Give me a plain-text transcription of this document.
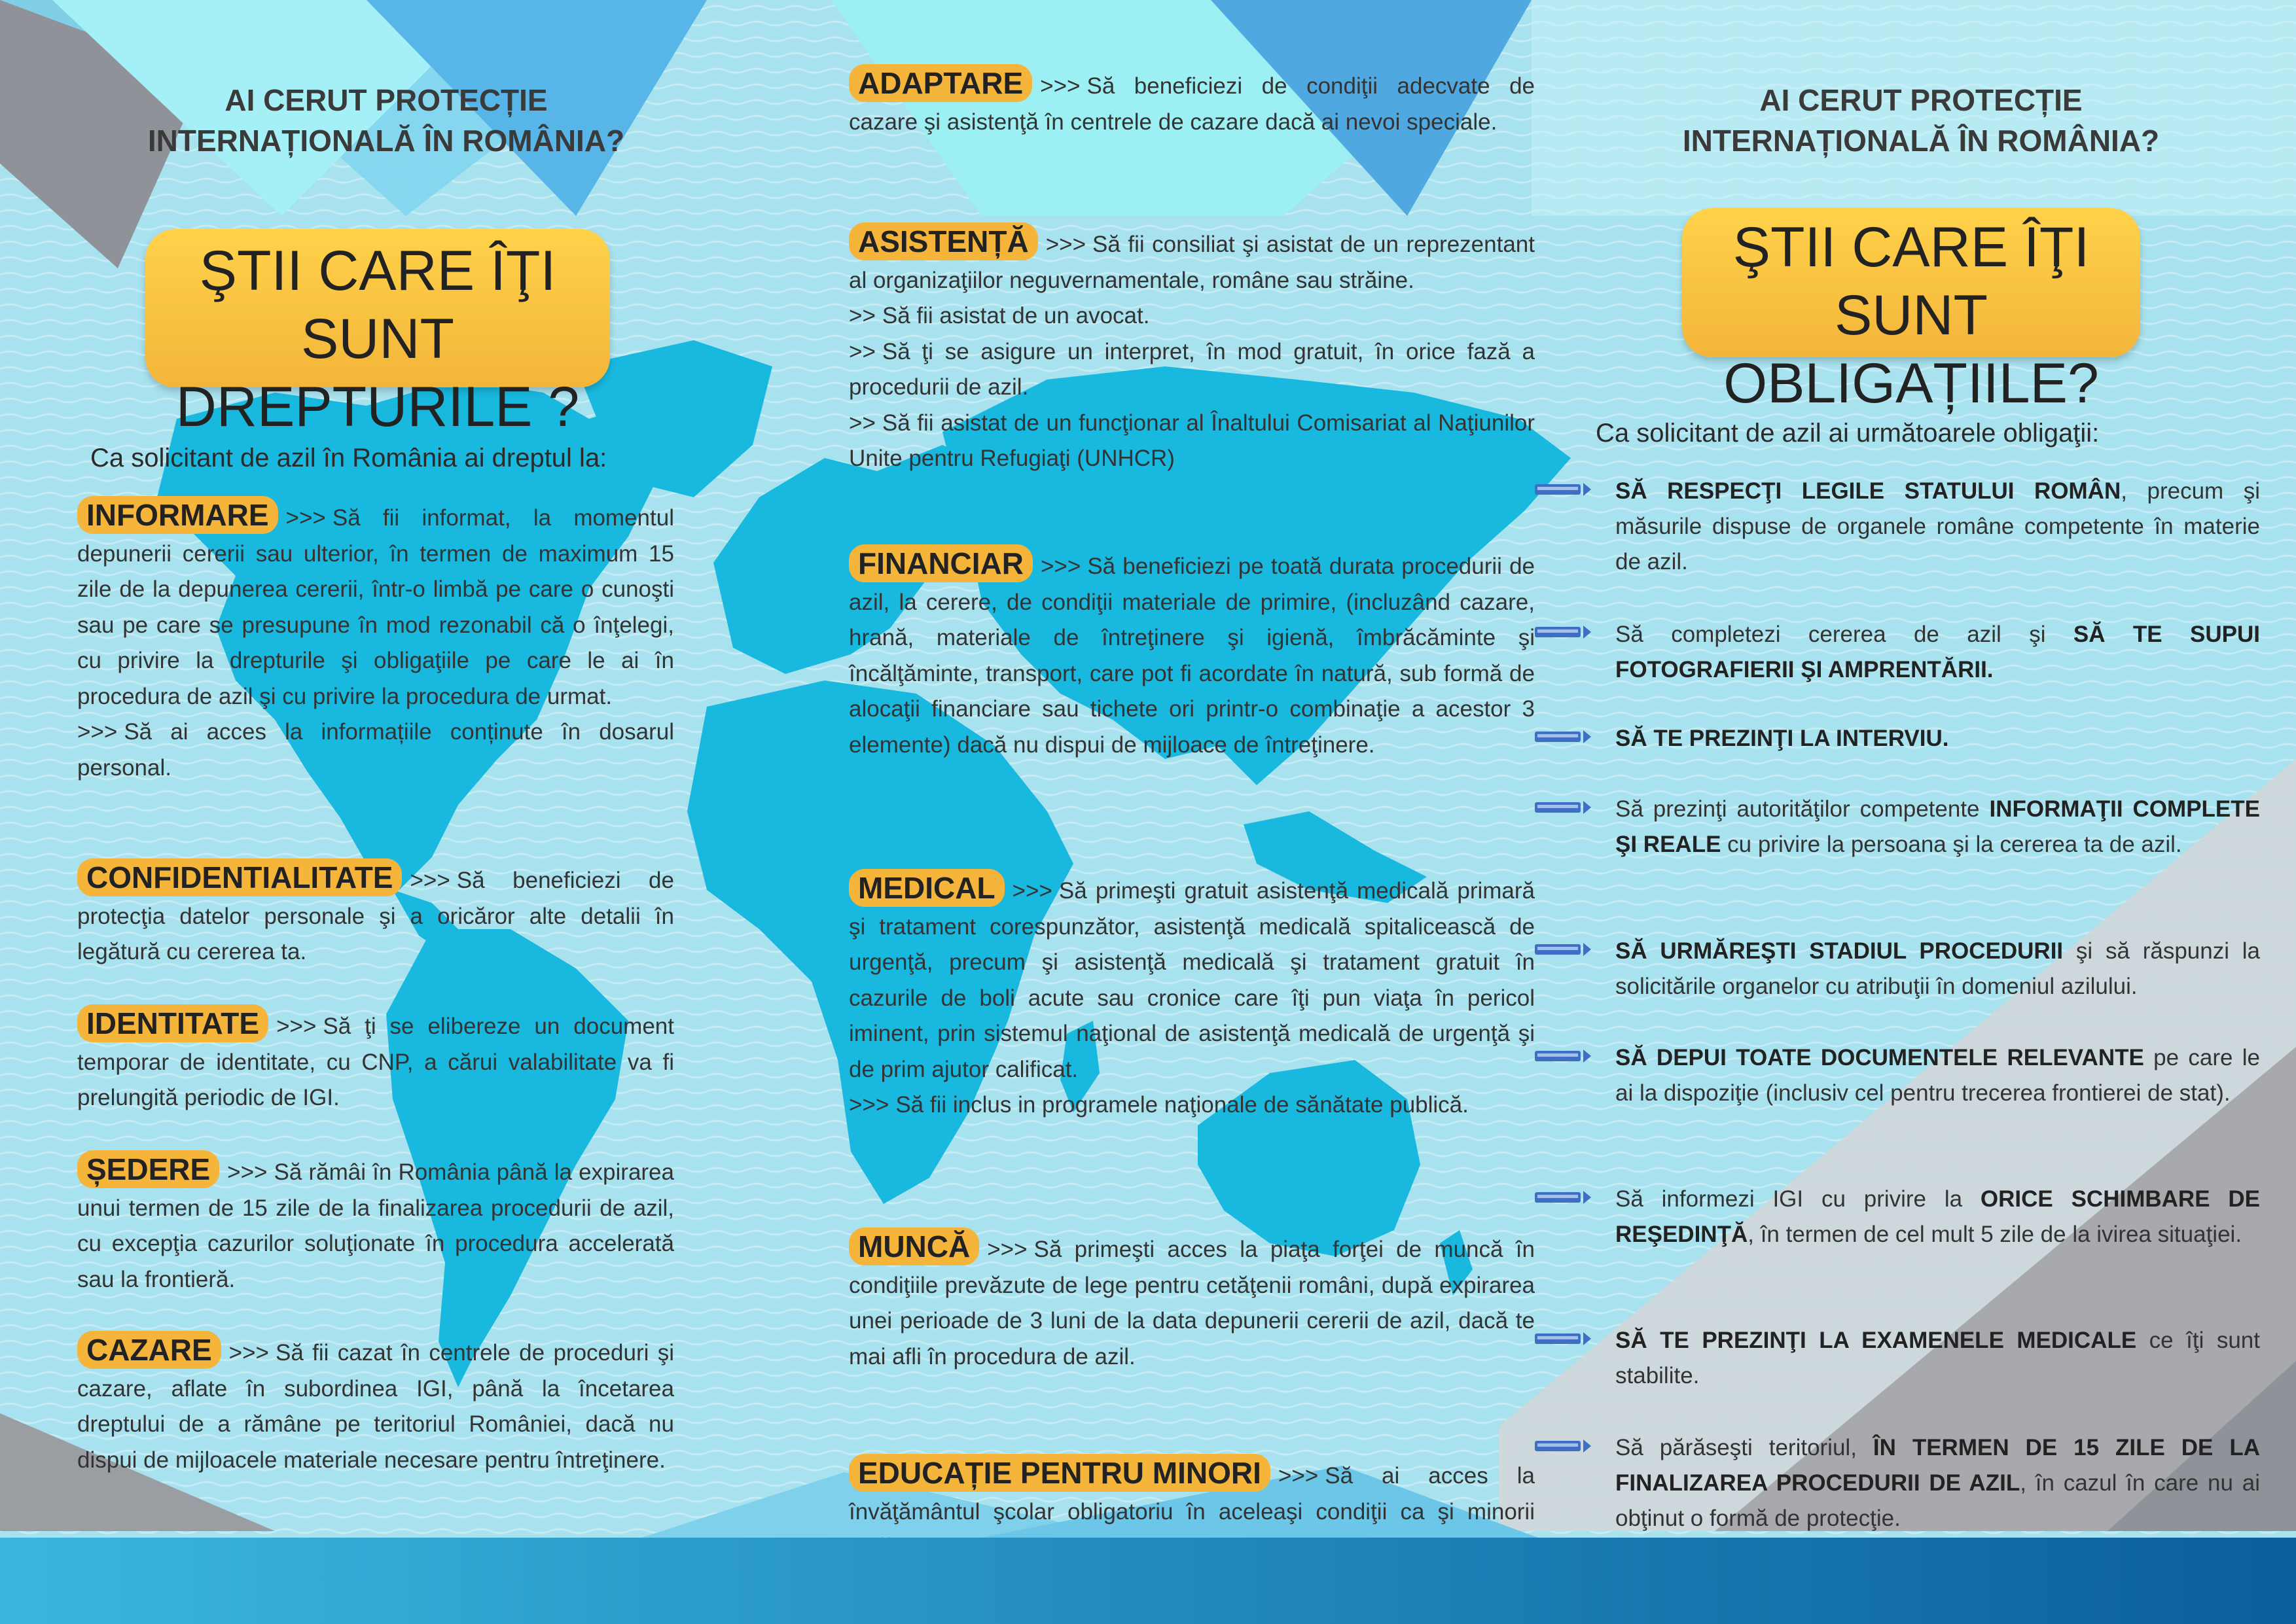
AI CERUT PROTECȚIE INTERNAȚIONALĂ ÎN ROMÂNIA?
ŞTII CARE ÎŢI SUNT
DREPTURILE ?
Ca solicitant de azil în România ai dreptul la:
INFORMARE >>> Să fii informat, la momentul depunerii cererii sau ulterior, în termen de maximum 15 zile de la depunerea cererii, într-o limbă pe care o cunoşti sau pe care se presupune în mod rezonabil că o înţelegi, cu privire la drepturile şi obligaţiile pe care le ai în procedura de azil şi cu privire la procedura de urmat.
>>> Să ai acces la informațiile conținute în dosarul personal.
CONFIDENTIALITATE >>> Să beneficiezi de protecţia datelor personale şi a oricăror alte detalii în legătură cu cererea ta.
IDENTITATE >>> Să ţi se elibereze un document temporar de identitate, cu CNP, a cărui valabilitate va fi prelungită periodic de IGI.
ȘEDERE >>> Să rămâi în România până la expirarea unui termen de 15 zile de la finalizarea procedurii de azil, cu excepţia cazurilor soluţionate în procedura accelerată sau la frontieră.
CAZARE >>> Să fii cazat în centrele de proceduri şi cazare, aflate în subordinea IGI, până la încetarea dreptului de a rămâne pe teritoriul României, dacă nu dispui de mijloacele materiale necesare pentru întreţinere.
ADAPTARE >>> Să beneficiezi de condiţii adecvate de cazare şi asistenţă în centrele de cazare dacă ai nevoi speciale.
ASISTENȚĂ >>> Să fii consiliat şi asistat de un reprezentant al organizaţiilor neguvernamentale, române sau străine.
>> Să fii asistat de un avocat.
>> Să ţi se asigure un interpret, în mod gratuit, în orice fază a procedurii de azil.
>> Să fii asistat de un funcţionar al Înaltului Comisariat al Naţiunilor Unite pentru Refugiaţi (UNHCR)
FINANCIAR >>> Să beneficiezi pe toată durata procedurii de azil, la cerere, de condiţii materiale de primire, (incluzând cazare, hrană, materiale de întreţinere şi igienă, îmbrăcăminte şi încălţăminte, transport, care pot fi acordate în natură, sub formă de alocaţii financiare sau tichete ori printr-o combinaţie a acestor 3 elemente) dacă nu dispui de mijloace de întreţinere.
MEDICAL >>> Să primeşti gratuit asistenţă medicală primară şi tratament corespunzător, asistenţă medicală spitalicească de urgenţă, precum şi asistenţă medicală şi tratament gratuit în cazurile de boli acute sau cronice care îţi pun viaţa în pericol iminent, prin sistemul naţional de asistenţă medicală de urgenţă şi de prim ajutor calificat.
>>> Să fii inclus in programele naţionale de sănătate publică.
MUNCĂ >>> Să primeşti acces la piaţa forţei de muncă în condiţiile prevăzute de lege pentru cetăţenii români, după expirarea unei perioade de 3 luni de la data depunerii cererii de azil, dacă te mai afli în procedura de azil.
EDUCAȚIE PENTRU MINORI >>> Să ai acces la învăţământul şcolar obligatoriu în aceleaşi condiţii ca şi minorii
AI CERUT PROTECȚIE INTERNAȚIONALĂ ÎN ROMÂNIA?
ŞTII CARE ÎŢI SUNT
OBLIGAȚIILE?
Ca solicitant de azil ai următoarele obligaţii:
SĂ RESPECŢI LEGILE STATULUI ROMÂN, precum şi măsurile dispuse de organele române competente în materie de azil.
Să completezi cererea de azil şi SĂ TE SUPUI FOTOGRAFIERII ŞI AMPRENTĂRII.
SĂ TE PREZINŢI LA INTERVIU.
Să prezinţi autorităţilor competente INFORMAŢII COMPLETE ŞI REALE cu privire la persoana şi la cererea ta de azil.
SĂ URMĂREŞTI STADIUL PROCEDURII şi să răspunzi la solicitările organelor cu atribuţii în domeniul azilului.
SĂ DEPUI TOATE DOCUMENTELE RELEVANTE pe care le ai la dispoziţie (inclusiv cel pentru trecerea frontierei de stat).
Să informezi IGI cu privire la ORICE SCHIMBARE DE REŞEDINŢĂ, în termen de cel mult 5 zile de la ivirea situaţiei.
SĂ TE PREZINŢI LA EXAMENELE MEDICALE ce îţi sunt stabilite.
Să părăseşti teritoriul, ÎN TERMEN DE 15 ZILE DE LA FINALIZAREA PROCEDURII DE AZIL, în cazul în care nu ai obţinut o formă de protecţie.
